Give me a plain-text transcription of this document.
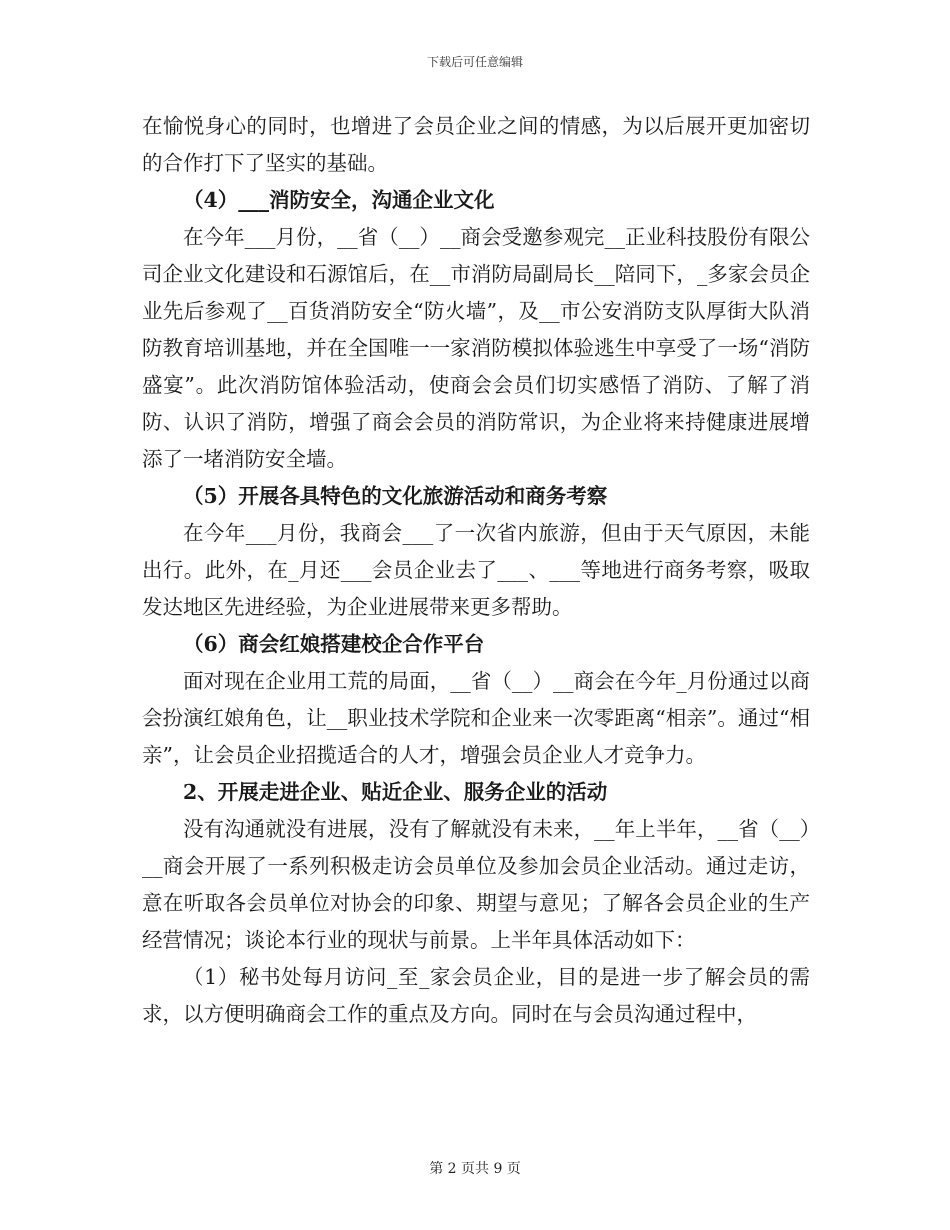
下载后可任意编辑

在愉悦身心的同时，也增进了会员企业之间的情感，为以后展开更加密切的合作打下了坚实的基础。

（4）___消防安全，沟通企业文化

在今年___月份，__省（__）__商会受邀参观完__正业科技股份有限公司企业文化建设和石源馆后，在__市消防局副局长__陪同下，_多家会员企业先后参观了__百货消防安全“防火墙”，及__市公安消防支队厚街大队消防教育培训基地，并在全国唯一一家消防模拟体验逃生中享受了一场“消防盛宴”。此次消防馆体验活动，使商会会员们切实感悟了消防、了解了消防、认识了消防，增强了商会会员的消防常识，为企业将来持健康进展增添了一堵消防安全墙。

（5）开展各具特色的文化旅游活动和商务考察

在今年___月份，我商会___了一次省内旅游，但由于天气原因，未能出行。此外，在_月还___会员企业去了___、___等地进行商务考察，吸取发达地区先进经验，为企业进展带来更多帮助。

（6）商会红娘搭建校企合作平台

面对现在企业用工荒的局面，__省（__）__商会在今年_月份通过以商会扮演红娘角色，让__职业技术学院和企业来一次零距离“相亲”。通过“相亲”，让会员企业招揽适合的人才，增强会员企业人才竞争力。

2、开展走进企业、贴近企业、服务企业的活动

没有沟通就没有进展，没有了解就没有未来，__年上半年，__省（__）__商会开展了一系列积极走访会员单位及参加会员企业活动。通过走访，意在听取各会员单位对协会的印象、期望与意见；了解各会员企业的生产经营情况；谈论本行业的现状与前景。上半年具体活动如下：

（1）秘书处每月访问_至_家会员企业，目的是进一步了解会员的需求，以方便明确商会工作的重点及方向。同时在与会员沟通过程中，

第 2 页共 9 页
